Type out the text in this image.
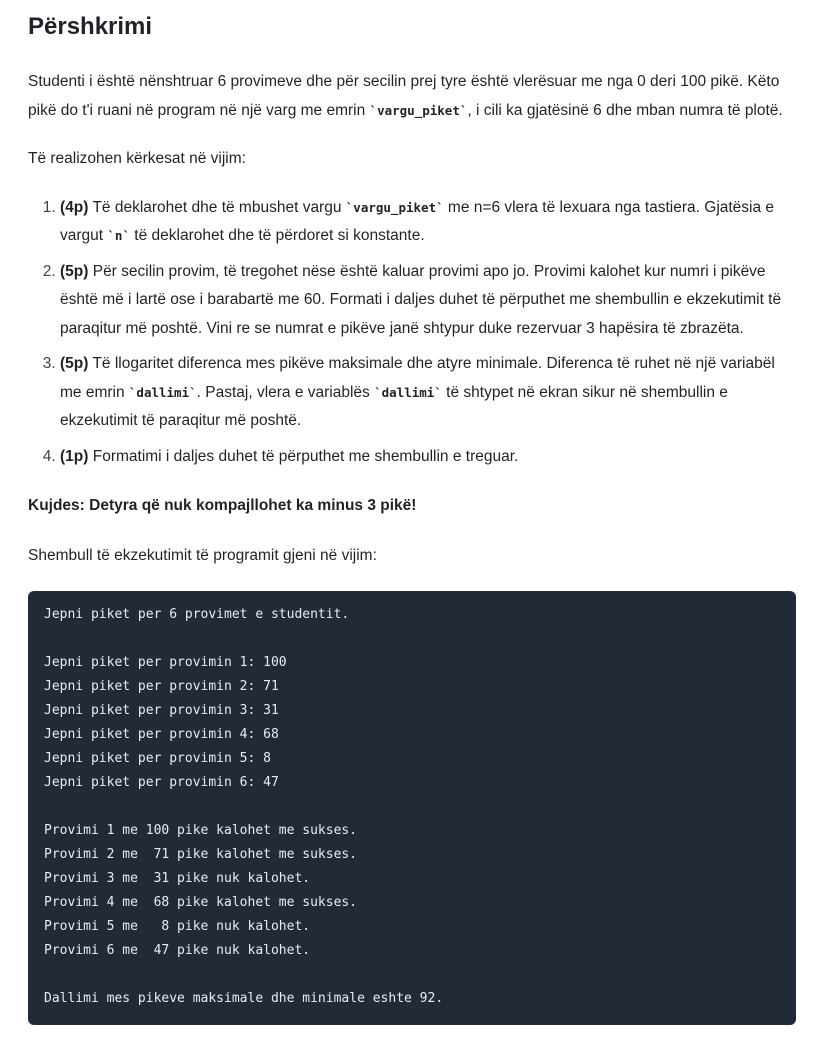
Përshkrimi

Studenti i është nënshtruar 6 provimeve dhe për secilin prej tyre është vlerësuar me nga 0 deri 100 pikë. Këto pikë do t'i ruani në program në një varg me emrin `vargu_piket`, i cili ka gjatësinë 6 dhe mban numra të plotë.

Të realizohen kërkesat në vijim:

1. (4p) Të deklarohet dhe të mbushet vargu `vargu_piket` me n=6 vlera të lexuara nga tastiera. Gjatësia e vargut `n` të deklarohet dhe të përdoret si konstante.
2. (5p) Për secilin provim, të tregohet nëse është kaluar provimi apo jo. Provimi kalohet kur numri i pikëve është më i lartë ose i barabartë me 60. Formati i daljes duhet të përputhet me shembullin e ekzekutimit të paraqitur më poshtë. Vini re se numrat e pikëve janë shtypur duke rezervuar 3 hapësira të zbrazëta.
3. (5p) Të llogaritet diferenca mes pikëve maksimale dhe atyre minimale. Diferenca të ruhet në një variabël me emrin `dallimi`. Pastaj, vlera e variablës `dallimi` të shtypet në ekran sikur në shembullin e ekzekutimit të paraqitur më poshtë.
4. (1p) Formatimi i daljes duhet të përputhet me shembullin e treguar.

Kujdes: Detyra që nuk kompajllohet ka minus 3 pikë!

Shembull të ekzekutimit të programit gjeni në vijim:

Jepni piket per 6 provimet e studentit.
Jepni piket per provimin 1: 100
Jepni piket per provimin 2: 71
Jepni piket per provimin 3: 31
Jepni piket per provimin 4: 68
Jepni piket per provimin 5: 8
Jepni piket per provimin 6: 47
Provimi 1 me 100 pike kalohet me sukses.
Provimi 2 me  71 pike kalohet me sukses.
Provimi 3 me  31 pike nuk kalohet.
Provimi 4 me  68 pike kalohet me sukses.
Provimi 5 me   8 pike nuk kalohet.
Provimi 6 me  47 pike nuk kalohet.
Dallimi mes pikeve maksimale dhe minimale eshte 92.
